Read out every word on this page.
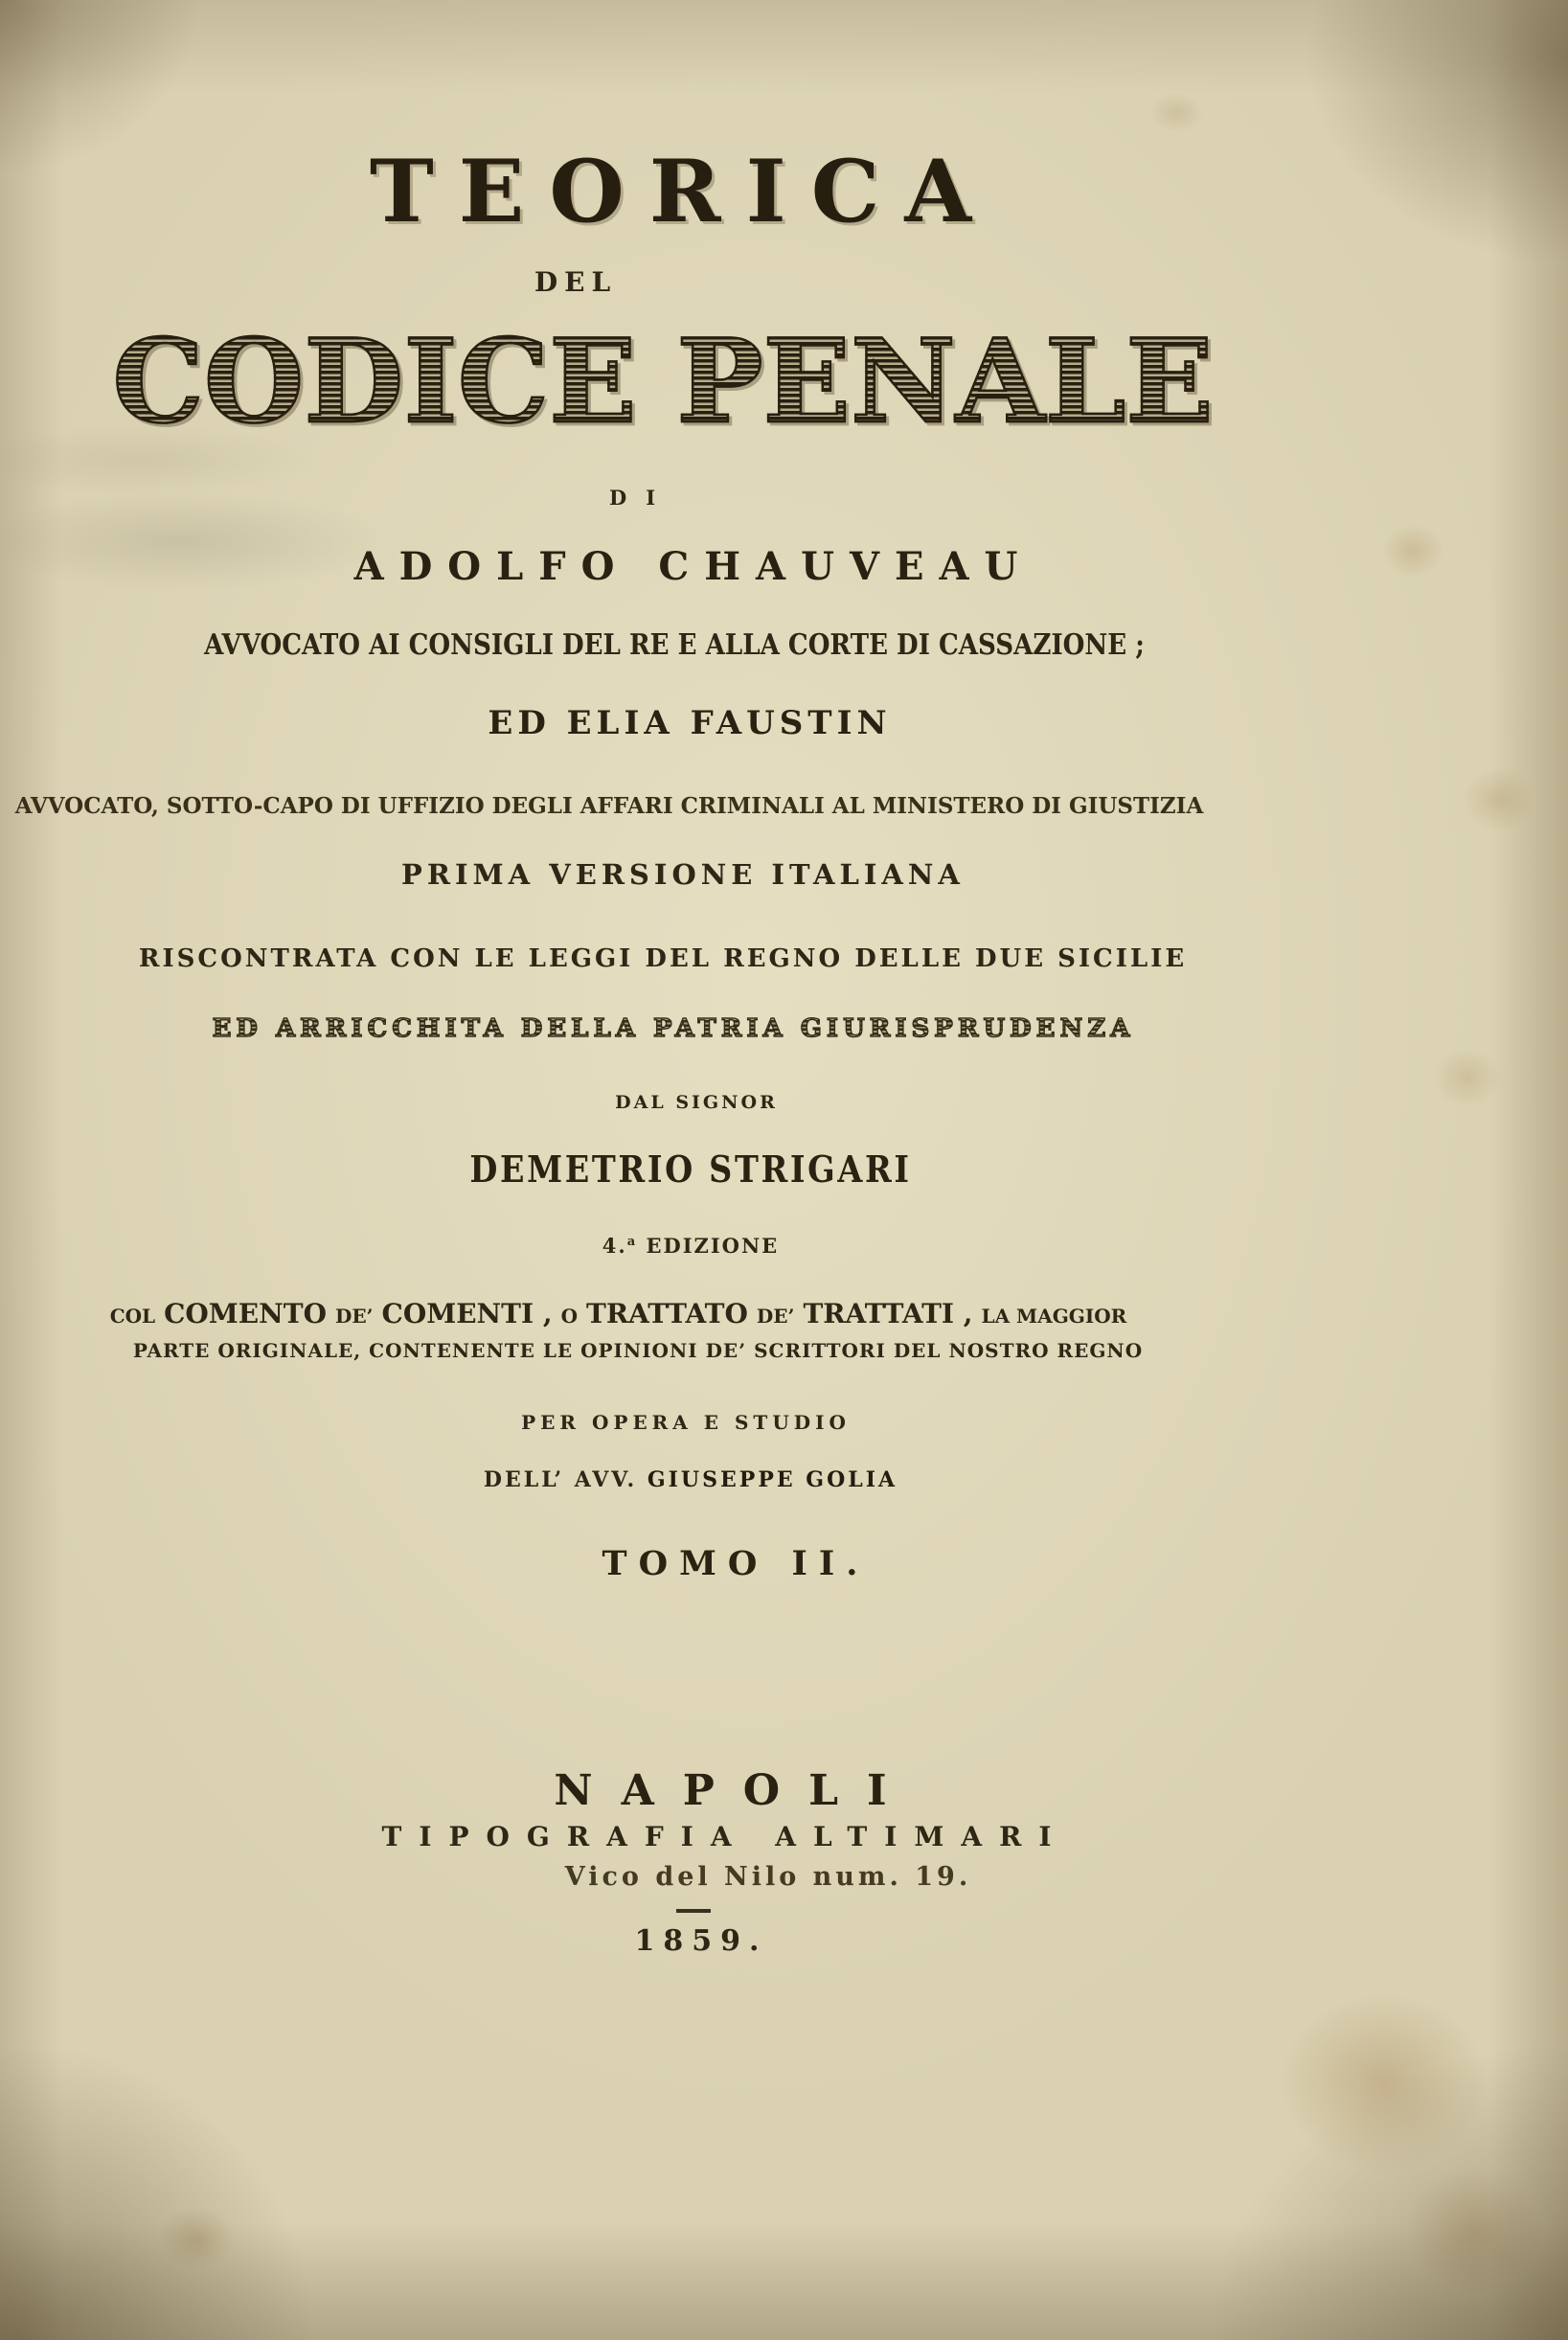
TEORICA
DEL
CODICE PENALE
DI
ADOLFO CHAUVEAU
AVVOCATO AI CONSIGLI DEL RE E ALLA CORTE DI CASSAZIONE ;
ED ELIA FAUSTIN
AVVOCATO, SOTTO-CAPO DI UFFIZIO DEGLI AFFARI CRIMINALI AL MINISTERO DI GIUSTIZIA
PRIMA VERSIONE ITALIANA
RISCONTRATA CON LE LEGGI DEL REGNO DELLE DUE SICILIE
ED ARRICCHITA DELLA PATRIA GIURISPRUDENZA
DAL SIGNOR
DEMETRIO STRIGARI
4.$^a$ EDIZIONE
COL COMENTO DE’ COMENTI , O TRATTATO DE’ TRATTATI , LA MAGGIOR
PARTE ORIGINALE, CONTENENTE LE OPINIONI DE’ SCRITTORI DEL NOSTRO REGNO
PER OPERA E STUDIO
DELL’ AVV. GIUSEPPE GOLIA
TOMO II.
NAPOLI
TIPOGRAFIA ALTIMARI
Vico del Nilo num. 19.
1859.
